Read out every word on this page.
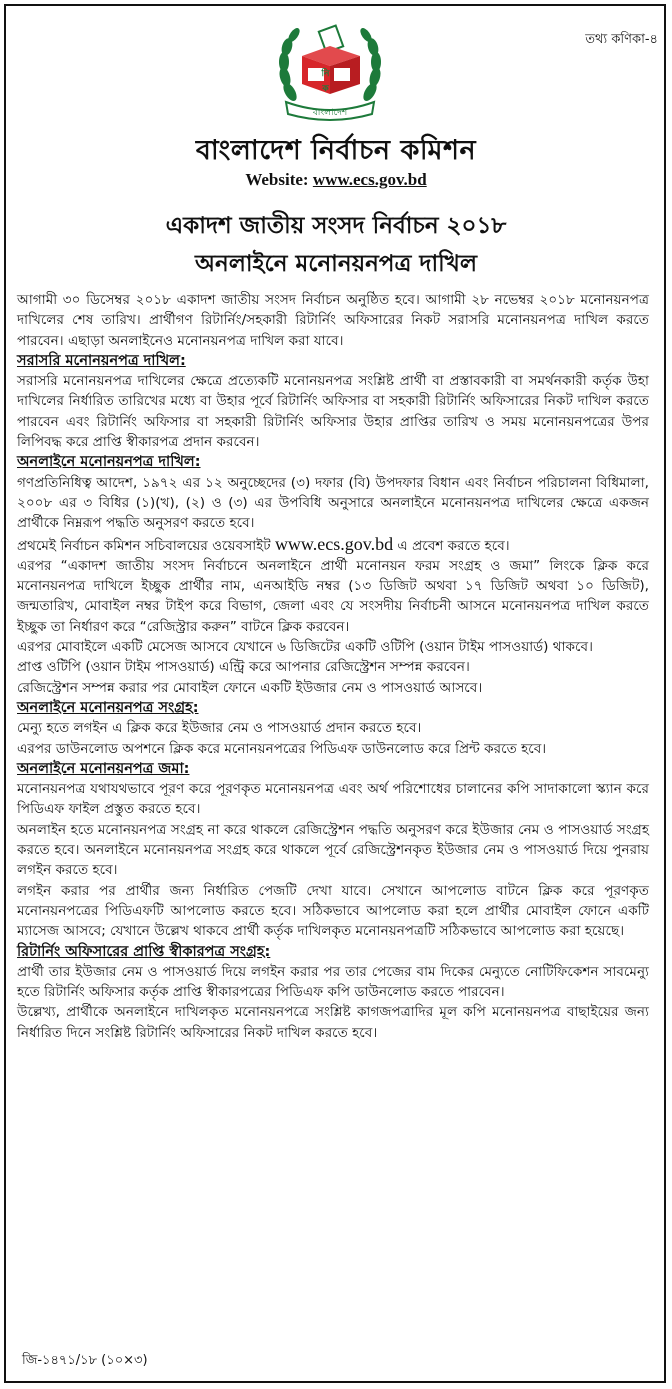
তথ্য কণিকা-৪
নি ক
বাংলাদেশ
বাংলাদেশ নির্বাচন কমিশন
Website: www.ecs.gov.bd
একাদশ জাতীয় সংসদ নির্বাচন ২০১৮
অনলাইনে মনোনয়নপত্র দাখিল

আগামী ৩০ ডিসেম্বর ২০১৮ একাদশ জাতীয় সংসদ নির্বাচন অনুষ্ঠিত হবে। আগামী ২৮ নভেম্বর ২০১৮ মনোনয়নপত্র দাখিলের শেষ তারিখ। প্রার্থীগণ রিটার্নিং/সহকারী রিটার্নিং অফিসারের নিকট সরাসরি মনোনয়নপত্র দাখিল করতে পারবেন। এছাড়া অনলাইনেও মনোনয়নপত্র দাখিল করা যাবে।

সরাসরি মনোনয়নপত্র দাখিল:

সরাসরি মনোনয়নপত্র দাখিলের ক্ষেত্রে প্রত্যেকটি মনোনয়নপত্র সংশ্লিষ্ট প্রার্থী বা প্রস্তাবকারী বা সমর্থনকারী কর্তৃক উহা দাখিলের নির্ধারিত তারিখের মধ্যে বা উহার পূর্বে রিটার্নিং অফিসার বা সহকারী রিটার্নিং অফিসারের নিকট দাখিল করতে পারবেন এবং রিটার্নিং অফিসার বা সহকারী রিটার্নিং অফিসার উহার প্রাপ্তির তারিখ ও সময় মনোনয়নপত্রের উপর লিপিবদ্ধ করে প্রাপ্তি স্বীকারপত্র প্রদান করবেন।

অনলাইনে মনোনয়নপত্র দাখিল:

গণপ্রতিনিধিত্ব আদেশ, ১৯৭২ এর ১২ অনুচ্ছেদের (৩) দফার (বি) উপদফার বিধান এবং নির্বাচন পরিচালনা বিধিমালা, ২০০৮ এর ৩ বিধির (১)(খ), (২) ও (৩) এর উপবিধি অনুসারে অনলাইনে মনোনয়নপত্র দাখিলের ক্ষেত্রে একজন প্রার্থীকে নিম্নরূপ পদ্ধতি অনুসরণ করতে হবে।

প্রথমেই নির্বাচন কমিশন সচিবালয়ের ওয়েবসাইট www.ecs.gov.bd এ প্রবেশ করতে হবে।

এরপর “একাদশ জাতীয় সংসদ নির্বাচনে অনলাইনে প্রার্থী মনোনয়ন ফরম সংগ্রহ ও জমা” লিংকে ক্লিক করে মনোনয়নপত্র দাখিলে ইচ্ছুক প্রার্থীর নাম, এনআইডি নম্বর (১৩ ডিজিট অথবা ১৭ ডিজিট অথবা ১০ ডিজিট), জন্মতারিখ, মোবাইল নম্বর টাইপ করে বিভাগ, জেলা এবং যে সংসদীয় নির্বাচনী আসনে মনোনয়নপত্র দাখিল করতে ইচ্ছুক তা নির্ধারণ করে “রেজিস্ট্রার করুন” বাটনে ক্লিক করবেন।

এরপর মোবাইলে একটি মেসেজ আসবে যেখানে ৬ ডিজিটের একটি ওটিপি (ওয়ান টাইম পাসওয়ার্ড) থাকবে।

প্রাপ্ত ওটিপি (ওয়ান টাইম পাসওয়ার্ড) এন্ট্রি করে আপনার রেজিস্ট্রেশন সম্পন্ন করবেন।

রেজিস্ট্রেশন সম্পন্ন করার পর মোবাইল ফোনে একটি ইউজার নেম ও পাসওয়ার্ড আসবে।

অনলাইনে মনোনয়নপত্র সংগ্রহ:

মেন্যু হতে লগইন এ ক্লিক করে ইউজার নেম ও পাসওয়ার্ড প্রদান করতে হবে।

এরপর ডাউনলোড অপশনে ক্লিক করে মনোনয়নপত্রের পিডিএফ ডাউনলোড করে প্রিন্ট করতে হবে।

অনলাইনে মনোনয়নপত্র জমা:

মনোনয়নপত্র যথাযথভাবে পূরণ করে পূরণকৃত মনোনয়নপত্র এবং অর্থ পরিশোধের চালানের কপি সাদাকালো স্ক্যান করে পিডিএফ ফাইল প্রস্তুত করতে হবে।

অনলাইন হতে মনোনয়নপত্র সংগ্রহ না করে থাকলে রেজিস্ট্রেশন পদ্ধতি অনুসরণ করে ইউজার নেম ও পাসওয়ার্ড সংগ্রহ করতে হবে। অনলাইনে মনোনয়নপত্র সংগ্রহ করে থাকলে পূর্বে রেজিস্ট্রেশনকৃত ইউজার নেম ও পাসওয়ার্ড দিয়ে পুনরায় লগইন করতে হবে।

লগইন করার পর প্রার্থীর জন্য নির্ধারিত পেজটি দেখা যাবে। সেখানে আপলোড বাটনে ক্লিক করে পূরণকৃত মনোনয়নপত্রের পিডিএফটি আপলোড করতে হবে। সঠিকভাবে আপলোড করা হলে প্রার্থীর মোবাইল ফোনে একটি ম্যাসেজ আসবে; যেখানে উল্লেখ থাকবে প্রার্থী কর্তৃক দাখিলকৃত মনোনয়নপত্রটি সঠিকভাবে আপলোড করা হয়েছে।

রিটার্নিং অফিসারের প্রাপ্তি স্বীকারপত্র সংগ্রহ:

প্রার্থী তার ইউজার নেম ও পাসওয়ার্ড দিয়ে লগইন করার পর তার পেজের বাম দিকের মেন্যুতে নোটিফিকেশন সাবমেন্যু হতে রিটার্নিং অফিসার কর্তৃক প্রাপ্তি স্বীকারপত্রের পিডিএফ কপি ডাউনলোড করতে পারবেন।

উল্লেখ্য, প্রার্থীকে অনলাইনে দাখিলকৃত মনোনয়নপত্রে সংশ্লিষ্ট কাগজপত্রাদির মূল কপি মনোনয়নপত্র বাছাইয়ের জন্য নির্ধারিত দিনে সংশ্লিষ্ট রিটার্নিং অফিসারের নিকট দাখিল করতে হবে।

জি-১৪৭১/১৮ (১০×৩)
